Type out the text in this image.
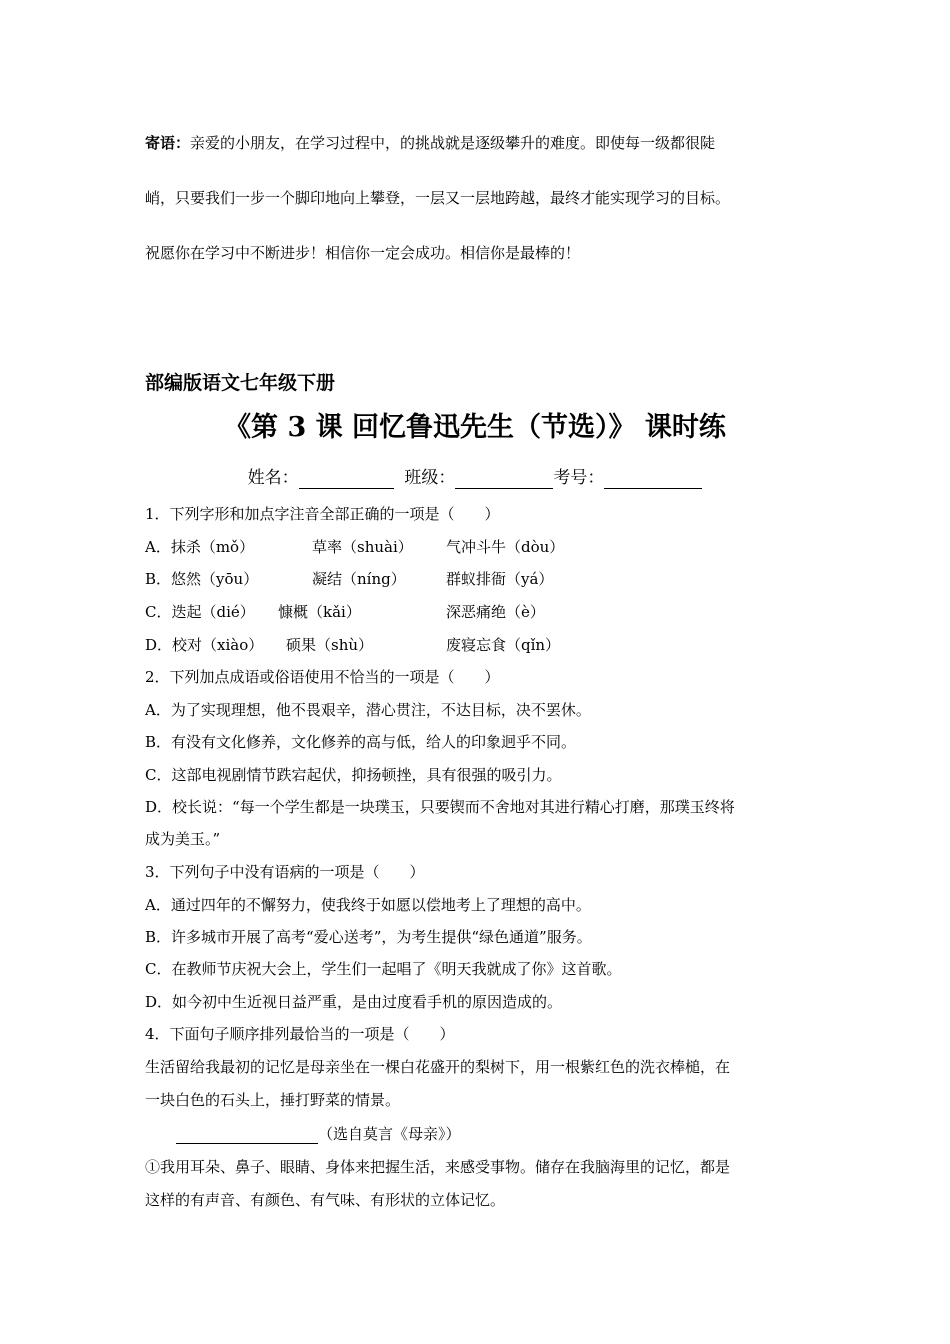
寄语：亲爱的小朋友，在学习过程中，的挑战就是逐级攀升的难度。即使每一级都很陡
峭，只要我们一步一个脚印地向上攀登，一层又一层地跨越，最终才能实现学习的目标。
祝愿你在学习中不断进步！相信你一定会成功。相信你是最棒的！
部编版语文七年级下册
《第 3 课 回忆鲁迅先生（节选）》 课时练
姓名：	班级：	考号：
1．下列字形和加点字注音全部正确的一项是（　　）
A．抹杀（mǒ）	草率（shuài） 气冲斗牛（dòu）
B．悠然（yōu）	凝结（níng）	群蚁排衙（yá）
C．迭起（dié） 慷概（kǎi）	深恶痛绝（è）
D．校对（xiào） 硕果（shù）	废寝忘食（qǐn）
2．下列加点成语或俗语使用不恰当的一项是（　　）
A．为了实现理想，他不畏艰辛，潜心贯注，不达目标，决不罢休。
B．有没有文化修养，文化修养的高与低，给人的印象迥乎不同。
C．这部电视剧情节跌宕起伏，抑扬顿挫，具有很强的吸引力。
D．校长说：“每一个学生都是一块璞玉，只要锲而不舍地对其进行精心打磨，那璞玉终将
成为美玉。”
3．下列句子中没有语病的一项是（　　）
A．通过四年的不懈努力，使我终于如愿以偿地考上了理想的高中。
B．许多城市开展了高考“爱心送考”，为考生提供“绿色通道”服务。
C．在教师节庆祝大会上，学生们一起唱了《明天我就成了你》这首歌。
D．如今初中生近视日益严重，是由过度看手机的原因造成的。
4．下面句子顺序排列最恰当的一项是（　　）
生活留给我最初的记忆是母亲坐在一棵白花盛开的梨树下，用一根紫红色的洗衣棒槌，在
一块白色的石头上，捶打野菜的情景。
（选自莫言《母亲》）
①我用耳朵、鼻子、眼睛、身体来把握生活，来感受事物。储存在我脑海里的记忆，都是
这样的有声音、有颜色、有气味、有形状的立体记忆。
